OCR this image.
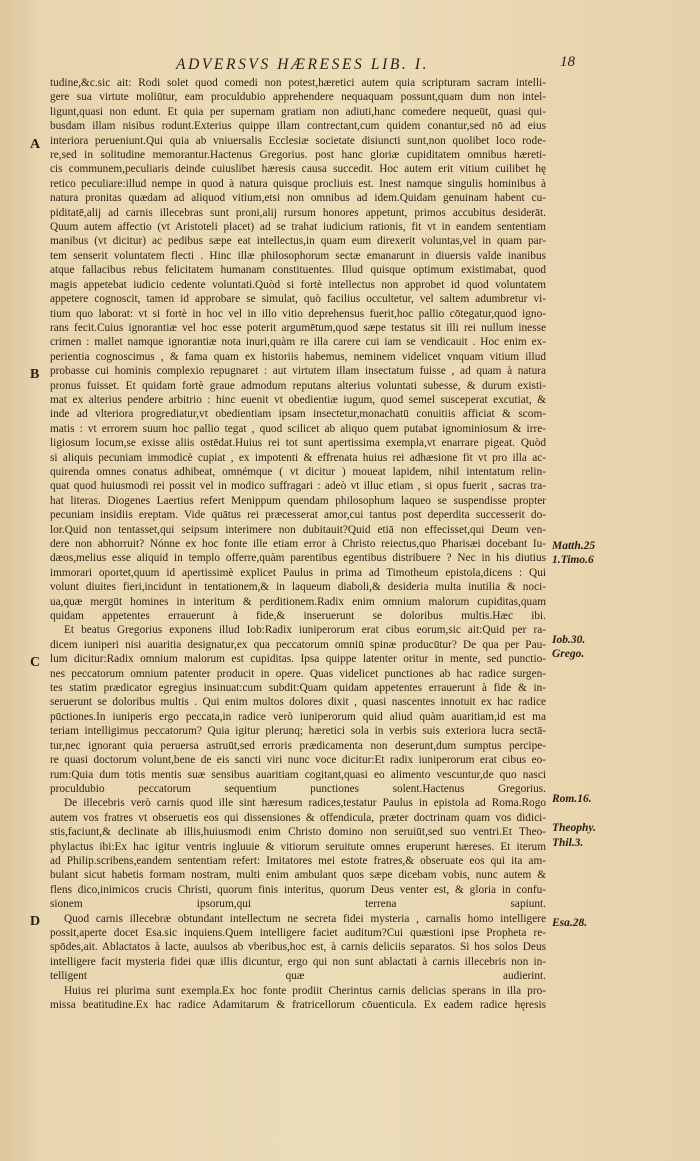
ADVERSVS HÆRESES LIB. I.	18
A
B
C
D
Matth.25
1.Timo.6
Iob.30.
Grego.
Rom.16.
Theophy.
Thil.3.
Esa.28.
tudine,&c.sic ait: Rodi solet quod comedi non potest,hæretici autem quia scripturam sacram intelli-
gere sua virtute moliūtur, eam proculdubio apprehendere nequaquam possunt,quam dum non intel-
ligunt,quasi non edunt. Et quia per supernam gratiam non adiuti,hanc comedere nequeūt, quasi qui-
busdam illam nisibus rodunt.Exterius quippe illam contrectant,cum quidem conantur,sed nō ad eius
interiora perueniunt.Qui quia ab vniuersalis Ecclesiæ societate disiuncti sunt,non quolibet loco rode-
re,sed in solitudine memorantur.Hactenus Gregorius. post hanc gloriæ cupiditatem omnibus hæreti-
cis communem,peculiaris deinde cuiuslibet hæresis causa succedit. Hoc autem erit vitium cuilibet hę
retico peculiare:illud nempe in quod à natura quisque procliuis est. Inest namque singulis hominibus à
natura pronitas quædam ad aliquod vitium,etsi non omnibus ad idem.Quidam genuinam habent cu-
piditatē,alij ad carnis illecebras sunt proni,alij rursum honores appetunt, primos accubitus desiderāt.
Quum autem affectio (vt Aristoteli placet) ad se trahat iudicium rationis, fit vt in eandem sententiam
manibus (vt dicitur) ac pedibus sæpe eat intellectus,in quam eum direxerit voluntas,vel in quam par-
tem senserit voluntatem flecti . Hinc illæ philosophorum sectæ emanarunt in diuersis valde inanibus
atque fallacibus rebus felicitatem humanam constituentes. Illud quisque optimum existimabat, quod
magis appetebat iudicio cedente voluntati.Quòd si fortè intellectus non approbet id quod voluntatem
appetere cognoscit, tamen id approbare se simulat, quò facilius occultetur, vel saltem adumbretur vi-
tium quo laborat: vt si fortè in hoc vel in illo vitio deprehensus fuerit,hoc pallio cōtegatur,quod igno-
rans fecit.Cuius ignorantiæ vel hoc esse poterit argumētum,quod sæpe testatus sit illi rei nullum inesse
crimen : mallet namque ignorantiæ nota inuri,quàm re illa carere cui iam se vendicauit . Hoc enim ex-
perientia cognoscimus , & fama quam ex historiis habemus, neminem videlicet vnquam vitium illud
probasse cui hominis complexio repugnaret : aut virtutem illam insectatum fuisse , ad quam à natura
pronus fuisset. Et quidam fortè graue admodum reputans alterius voluntati subesse, & durum existi-
mat ex alterius pendere arbitrio : hinc euenit vt obedientiæ iugum, quod semel susceperat excutiat, &
inde ad vlteriora progrediatur,vt obedientiam ipsam insectetur,monachatū conuitiis afficiat & scom-
matis : vt errorem suum hoc pallio tegat , quod scilicet ab aliquo quem putabat ignominiosum & irre-
ligiosum locum,se exisse aliis ostēdat.Huius rei tot sunt apertissima exempla,vt enarrare pigeat. Quòd
si aliquis pecuniam immodicè cupiat , ex impotenti & effrenata huius rei adhæsione fit vt pro illa ac-
quirenda omnes conatus adhibeat, omnémque ( vt dicitur ) moueat lapidem, nihil intentatum relin-
quat quod huiusmodi rei possit vel in modico suffragari : adeò vt illuc etiam , si opus fuerit , sacras tra-
hat literas. Diogenes Laertius refert Menippum quendam philosophum laqueo se suspendisse propter
pecuniam insidiis ereptam. Vide quātus rei præcesserat amor,cui tantus post deperdita successerit do-
lor.Quid non tentasset,qui seipsum interimere non dubitauit?Quid etiā non effecisset,qui Deum ven-
dere non abhorruit? Nónne ex hoc fonte ille etiam error à Christo reiectus,quo Pharisæi docebant Iu-
dæos,melius esse aliquid in templo offerre,quàm parentibus egentibus distribuere ? Nec in his diutius
immorari oportet,quum id apertissimè explicet Paulus in prima ad Timotheum epistola,dicens : Qui
volunt diuites fieri,incidunt in tentationem,& in laqueum diaboli,& desideria multa inutilia & noci-
ua,quæ mergūt homines in interitum & perditionem.Radix enim omnium malorum cupiditas,quam
quidam appetentes errauerunt à fide,& inseruerunt se doloribus multis.Hæc ibi.
Et beatus Gregorius exponens illud Iob:Radix iuniperorum erat cibus eorum,sic ait:Quid per ra-
dicem iuniperi nisi auaritia designatur,ex qua peccatorum omniū spinæ producūtur? De qua per Pau-
lum dicitur:Radix omnium malorum est cupiditas. Ipsa quippe latenter oritur in mente, sed punctio-
nes peccatorum omnium patenter producit in opere. Quas videlicet punctiones ab hac radice surgen-
tes statim prædicator egregius insinuat:cum subdit:Quam quidam appetentes errauerunt à fide & in-
seruerunt se doloribus multis . Qui enim multos dolores dixit , quasi nascentes innotuit ex hac radice
pūctiones.In iuniperis ergo peccata,in radice verò iuniperorum quid aliud quàm auaritiam,id est ma
teriam intelligimus peccatorum? Quia igitur plerunq; hæretici sola in verbis suis exteriora lucra sectā-
tur,nec ignorant quia peruersa astruūt,sed erroris prædicamenta non deserunt,dum sumptus percipe-
re quasi doctorum volunt,bene de eis sancti viri nunc voce dicitur:Et radix iuniperorum erat cibus eo-
rum:Quia dum totis mentis suæ sensibus auaritiam cogitant,quasi eo alimento vescuntur,de quo nasci
proculdubio peccatorum sequentium punctiones solent.Hactenus Gregorius.
De illecebris verò carnis quod ille sint hæresum radices,testatur Paulus in epistola ad Roma.Rogo
autem vos fratres vt obseruetis eos qui dissensiones & offendicula, præter doctrinam quam vos didici-
stis,faciunt,& declinate ab illis,huiusmodi enim Christo domino non seruiūt,sed suo ventri.Et Theo-
phylactus ibi:Ex hac igitur ventris ingluuie & vitiorum seruitute omnes eruperunt hæreses. Et iterum
ad Philip.scribens,eandem sententiam refert: Imitatores mei estote fratres,& obseruate eos qui ita am-
bulant sicut habetis formam nostram, multi enim ambulant quos sæpe dicebam vobis, nunc autem &
flens dico,inimicos crucis Christi, quorum finis interitus, quorum Deus venter est, & gloria in confu-
sionem ipsorum,qui terrena sapiunt.
Quod carnis illecebræ obtundant intellectum ne secreta fidei mysteria , carnalis homo intelligere
possit,aperte docet Esa.sic inquiens.Quem intelligere faciet auditum?Cui quæstioni ipse Propheta re-
spōdes,ait. Ablactatos à lacte, auulsos ab vberibus,hoc est, à carnis deliciis separatos. Si hos solos Deus
intelligere facit mysteria fidei quæ illis dicuntur, ergo qui non sunt ablactati à carnis illecebris non in-
telligent quæ audierint.
Huius rei plurima sunt exempla.Ex hoc fonte prodiit Cherintus carnis delicias sperans in illa pro-
missa beatitudine.Ex hac radice Adamitarum & fratricellorum cōuenticula. Ex eadem radice hęresis
